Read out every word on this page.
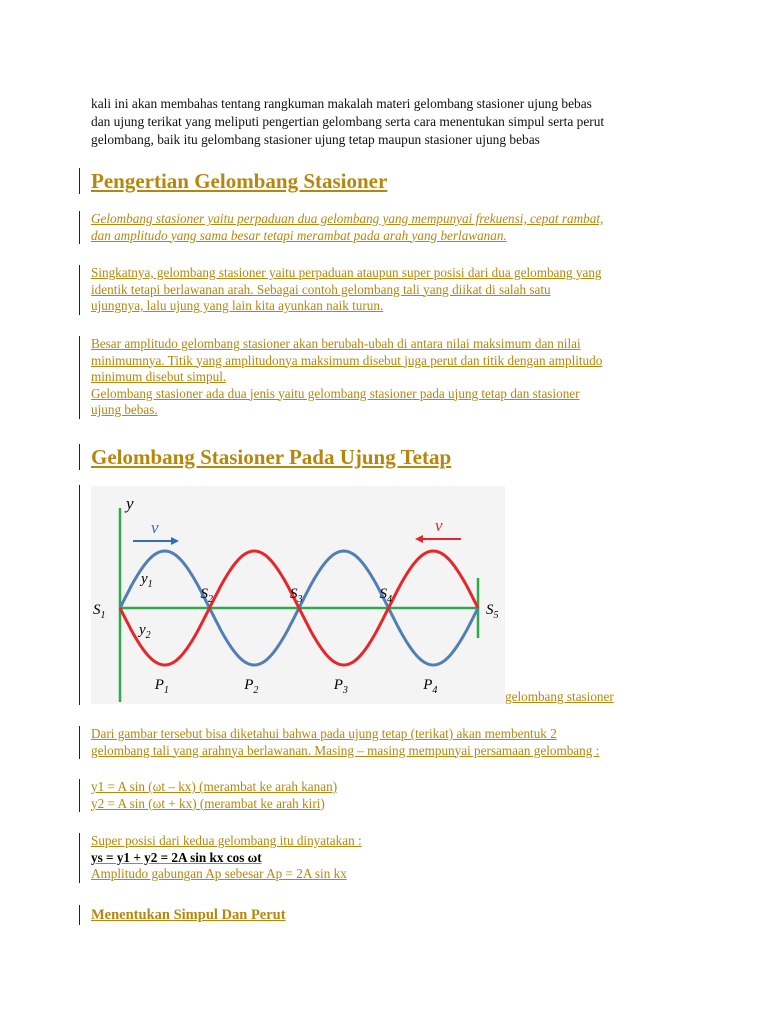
kali ini akan membahas tentang rangkuman makalah materi gelombang stasioner ujung bebas
dan ujung terikat yang meliputi pengertian gelombang serta cara menentukan simpul serta perut
gelombang, baik itu gelombang stasioner ujung tetap maupun stasioner ujung bebas
Pengertian Gelombang Stasioner
Gelombang stasioner yaitu perpaduan dua gelombang yang mempunyai frekuensi, cepat rambat,
dan amplitudo yang sama besar tetapi merambat pada arah yang berlawanan.
Singkatnya, gelombang stasioner yaitu perpaduan ataupun super posisi dari dua gelombang yang
identik tetapi berlawanan arah. Sebagai contoh gelombang tali yang diikat di salah satu
ujungnya, lalu ujung yang lain kita ayunkan naik turun.
Besar amplitudo gelombang stasioner akan berubah-ubah di antara nilai maksimum dan nilai
minimumnya. Titik yang amplitudonya maksimum disebut juga perut dan titik dengan amplitudo
minimum disebut simpul.
Gelombang stasioner ada dua jenis yaitu gelombang stasioner pada ujung tetap dan stasioner
ujung bebas.
Gelombang Stasioner Pada Ujung Tetap
y
v	v
$y_1$
$y_2$
$S_1$
$S_2$	$S_3$	$S_4$
$S_5$
$P_1$	$P_2$	$P_3$	$P_4$	gelombang stasioner
Dari gambar tersebut bisa diketahui bahwa pada ujung tetap (terikat) akan membentuk 2
gelombang tali yang arahnya berlawanan. Masing – masing mempunyai persamaan gelombang :
y1 = A sin (ωt – kx) (merambat ke arah kanan)
y2 = A sin (ωt + kx) (merambat ke arah kiri)
Super posisi dari kedua gelombang itu dinyatakan :
ys = y1 + y2 = 2A sin kx cos ωt
Amplitudo gabungan Ap sebesar Ap = 2A sin kx
Menentukan Simpul Dan Perut
